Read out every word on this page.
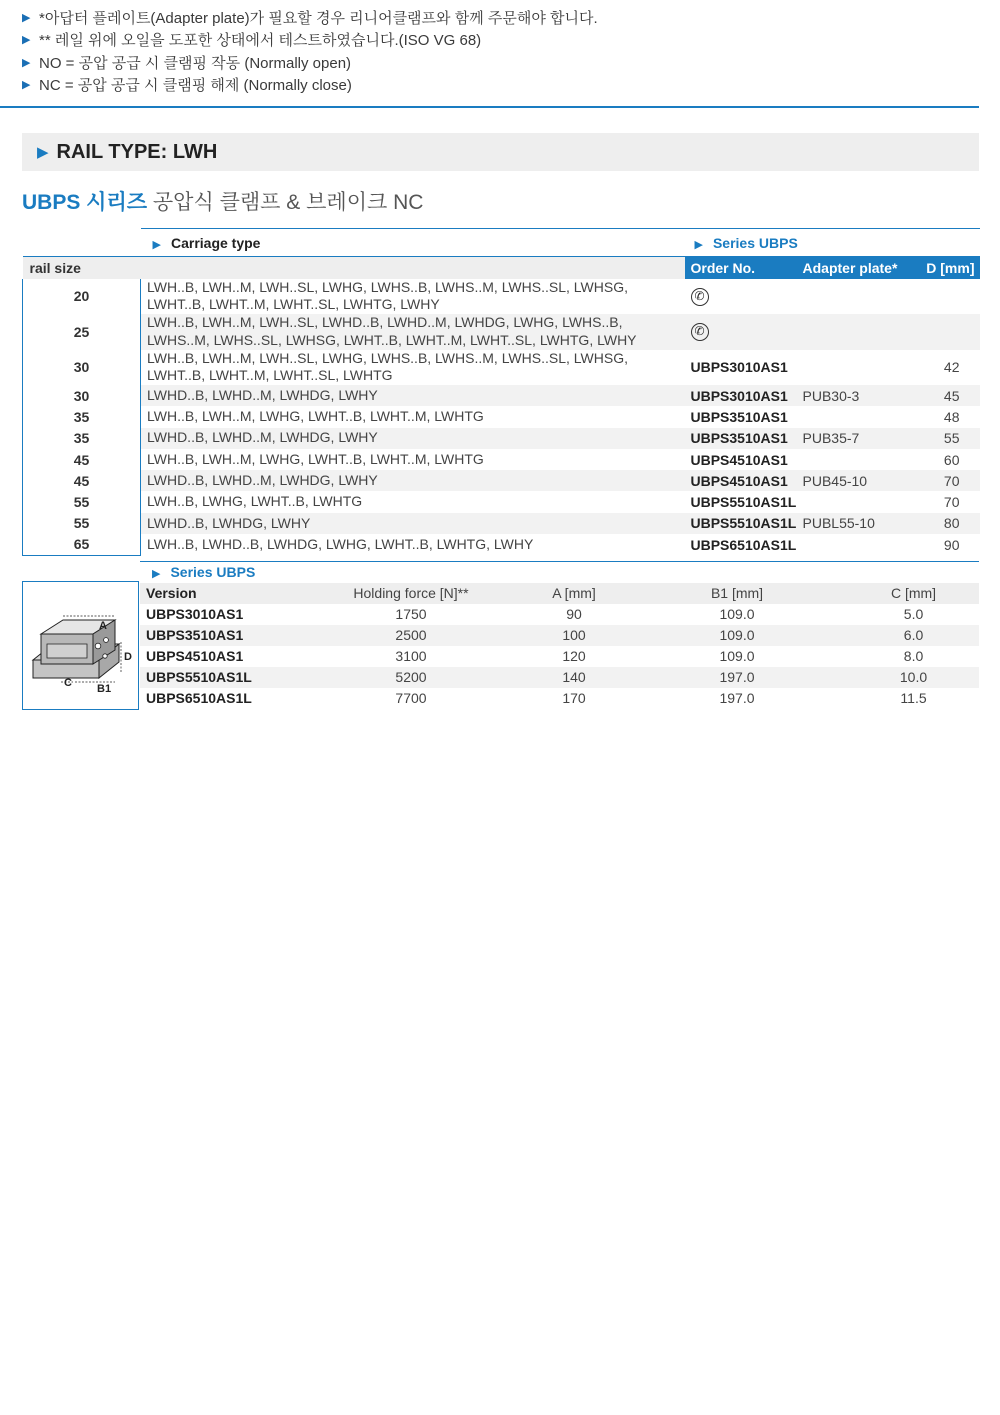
▶ *아답터 플레이트(Adapter plate)가 필요할 경우 리니어클램프와 함께 주문해야 합니다.
▶ ** 레일 위에 오일을 도포한 상태에서 테스트하였습니다.(ISO VG 68)
▶ NO = 공압 공급 시 클램핑 작동 (Normally open)
▶ NC = 공압 공급 시 클램핑 해제 (Normally close)
▶ RAIL TYPE: LWH
UBPS 시리즈 공압식 클램프 & 브레이크 NC
	▶ Carriage type	▶ Series UBPS		
rail size		Order No.	Adapter plate*	D [mm]
20	LWH..B, LWH..M, LWH..SL, LWHG, LWHS..B, LWHS..M, LWHS..SL, LWHSG, LWHT..B, LWHT..M, LWHT..SL, LWHTG, LWHY	✆		
25	LWH..B, LWH..M, LWH..SL, LWHD..B, LWHD..M, LWHDG, LWHG, LWHS..B, LWHS..M, LWHS..SL, LWHSG, LWHT..B, LWHT..M, LWHT..SL, LWHTG, LWHY	✆		
30	LWH..B, LWH..M, LWH..SL, LWHG, LWHS..B, LWHS..M, LWHS..SL, LWHSG, LWHT..B, LWHT..M, LWHT..SL, LWHTG	UBPS3010AS1		42
30	LWHD..B, LWHD..M, LWHDG, LWHY	UBPS3010AS1	PUB30-3	45
35	LWH..B, LWH..M, LWHG, LWHT..B, LWHT..M, LWHTG	UBPS3510AS1		48
35	LWHD..B, LWHD..M, LWHDG, LWHY	UBPS3510AS1	PUB35-7	55
45	LWH..B, LWH..M, LWHG, LWHT..B, LWHT..M, LWHTG	UBPS4510AS1		60
45	LWHD..B, LWHD..M, LWHDG, LWHY	UBPS4510AS1	PUB45-10	70
55	LWH..B, LWHG, LWHT..B, LWHTG	UBPS5510AS1L		70
55	LWHD..B, LWHDG, LWHY	UBPS5510AS1L	PUBL55-10	80
65	LWH..B, LWHD..B, LWHDG, LWHG, LWHT..B, LWHTG, LWHY	UBPS6510AS1L		90
A
D
C B1
▶ Series UBPS				
Version	Holding force [N]**	A [mm]	B1 [mm]	C [mm]
UBPS3010AS1	1750	90	109.0	5.0
UBPS3510AS1	2500	100	109.0	6.0
UBPS4510AS1	3100	120	109.0	8.0
UBPS5510AS1L	5200	140	197.0	10.0
UBPS6510AS1L	7700	170	197.0	11.5
